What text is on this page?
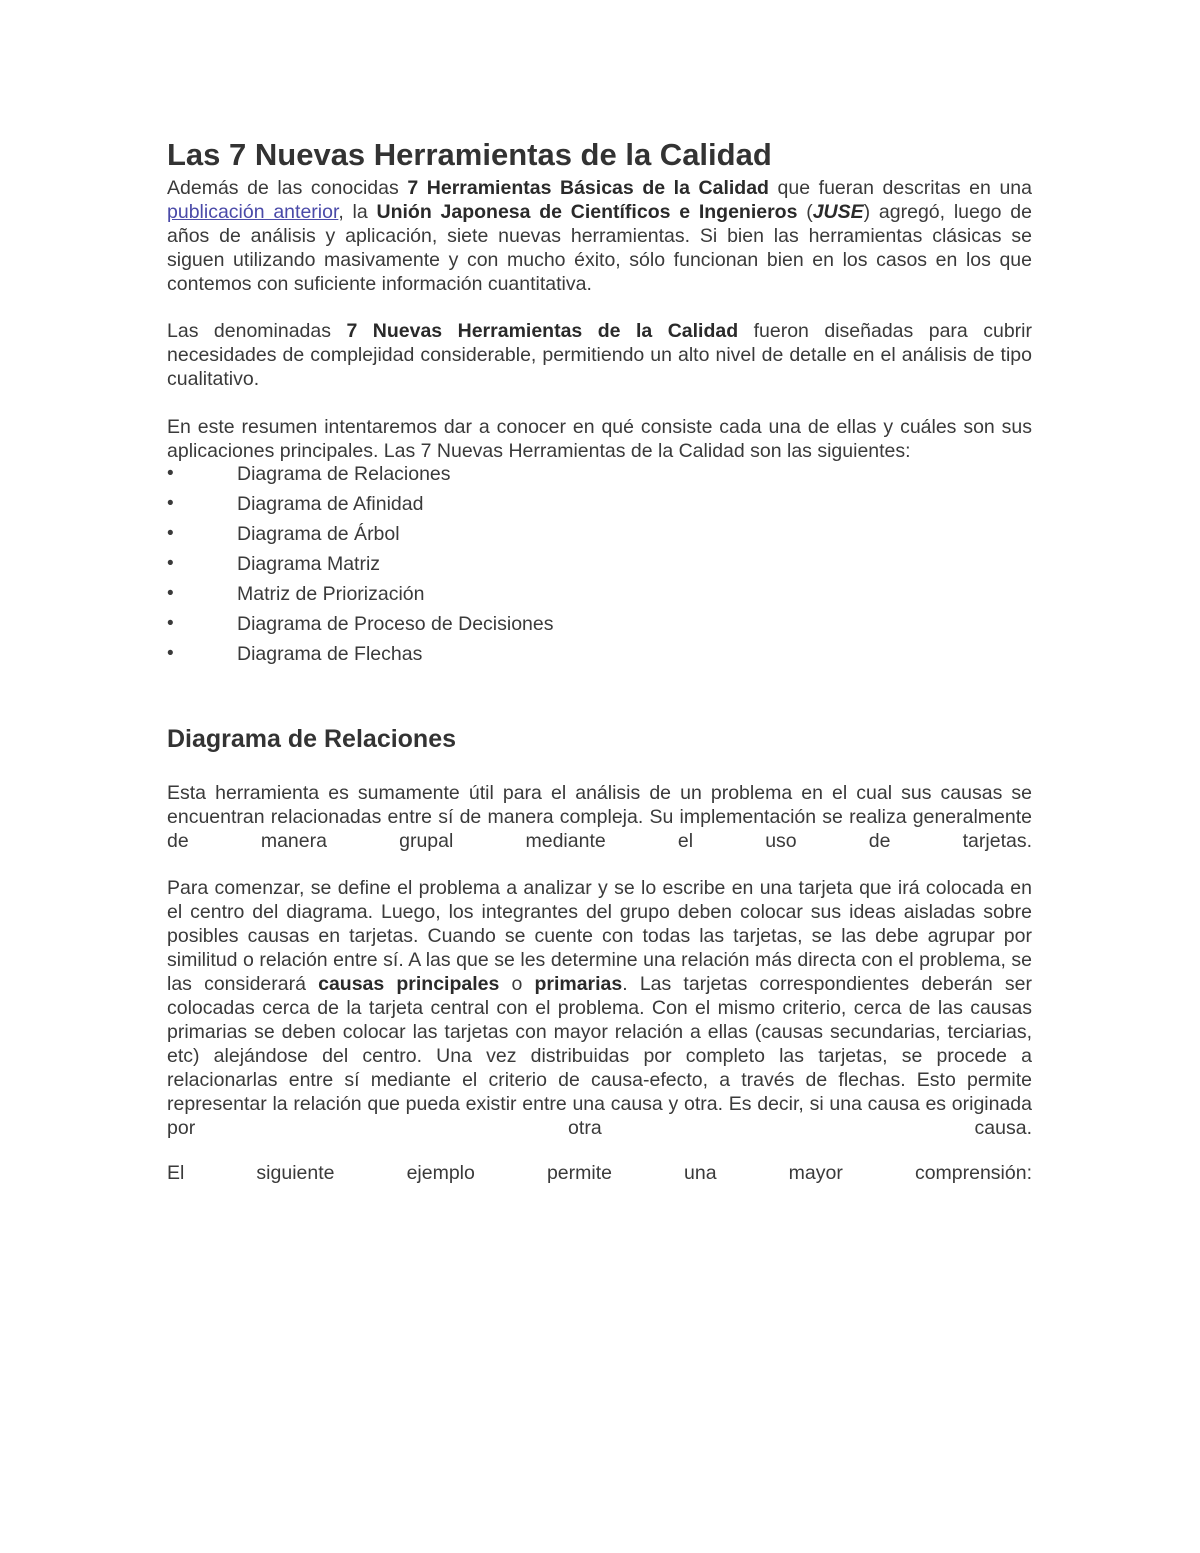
Las 7 Nuevas Herramientas de la Calidad

Además de las conocidas 7 Herramientas Básicas de la Calidad que fueran descritas en una publicación anterior, la Unión Japonesa de Científicos e Ingenieros (JUSE) agregó, luego de años de análisis y aplicación, siete nuevas herramientas. Si bien las herramientas clásicas se siguen utilizando masivamente y con mucho éxito, sólo funcionan bien en los casos en los que contemos con suficiente información cuantitativa.

Las denominadas 7 Nuevas Herramientas de la Calidad fueron diseñadas para cubrir necesidades de complejidad considerable, permitiendo un alto nivel de detalle en el análisis de tipo cualitativo.

En este resumen intentaremos dar a conocer en qué consiste cada una de ellas y cuáles son sus aplicaciones principales. Las 7 Nuevas Herramientas de la Calidad son las siguientes:

•	Diagrama de Relaciones
•	Diagrama de Afinidad
•	Diagrama de Árbol
•	Diagrama Matriz
•	Matriz de Priorización
•	Diagrama de Proceso de Decisiones
•	Diagrama de Flechas
Diagrama de Relaciones

Esta herramienta es sumamente útil para el análisis de un problema en el cual sus causas se encuentran relacionadas entre sí de manera compleja. Su implementación se realiza generalmente de manera grupal mediante el uso de tarjetas.

Para comenzar, se define el problema a analizar y se lo escribe en una tarjeta que irá colocada en el centro del diagrama. Luego, los integrantes del grupo deben colocar sus ideas aisladas sobre posibles causas en tarjetas. Cuando se cuente con todas las tarjetas, se las debe agrupar por similitud o relación entre sí. A las que se les determine una relación más directa con el problema, se las considerará causas principales o primarias. Las tarjetas correspondientes deberán ser colocadas cerca de la tarjeta central con el problema. Con el mismo criterio, cerca de las causas primarias se deben colocar las tarjetas con mayor relación a ellas (causas secundarias, terciarias, etc) alejándose del centro. Una vez distribuidas por completo las tarjetas, se procede a relacionarlas entre sí mediante el criterio de causa-efecto, a través de flechas. Esto permite representar la relación que pueda existir entre una causa y otra. Es decir, si una causa es originada por otra causa.

El siguiente ejemplo permite una mayor comprensión:
